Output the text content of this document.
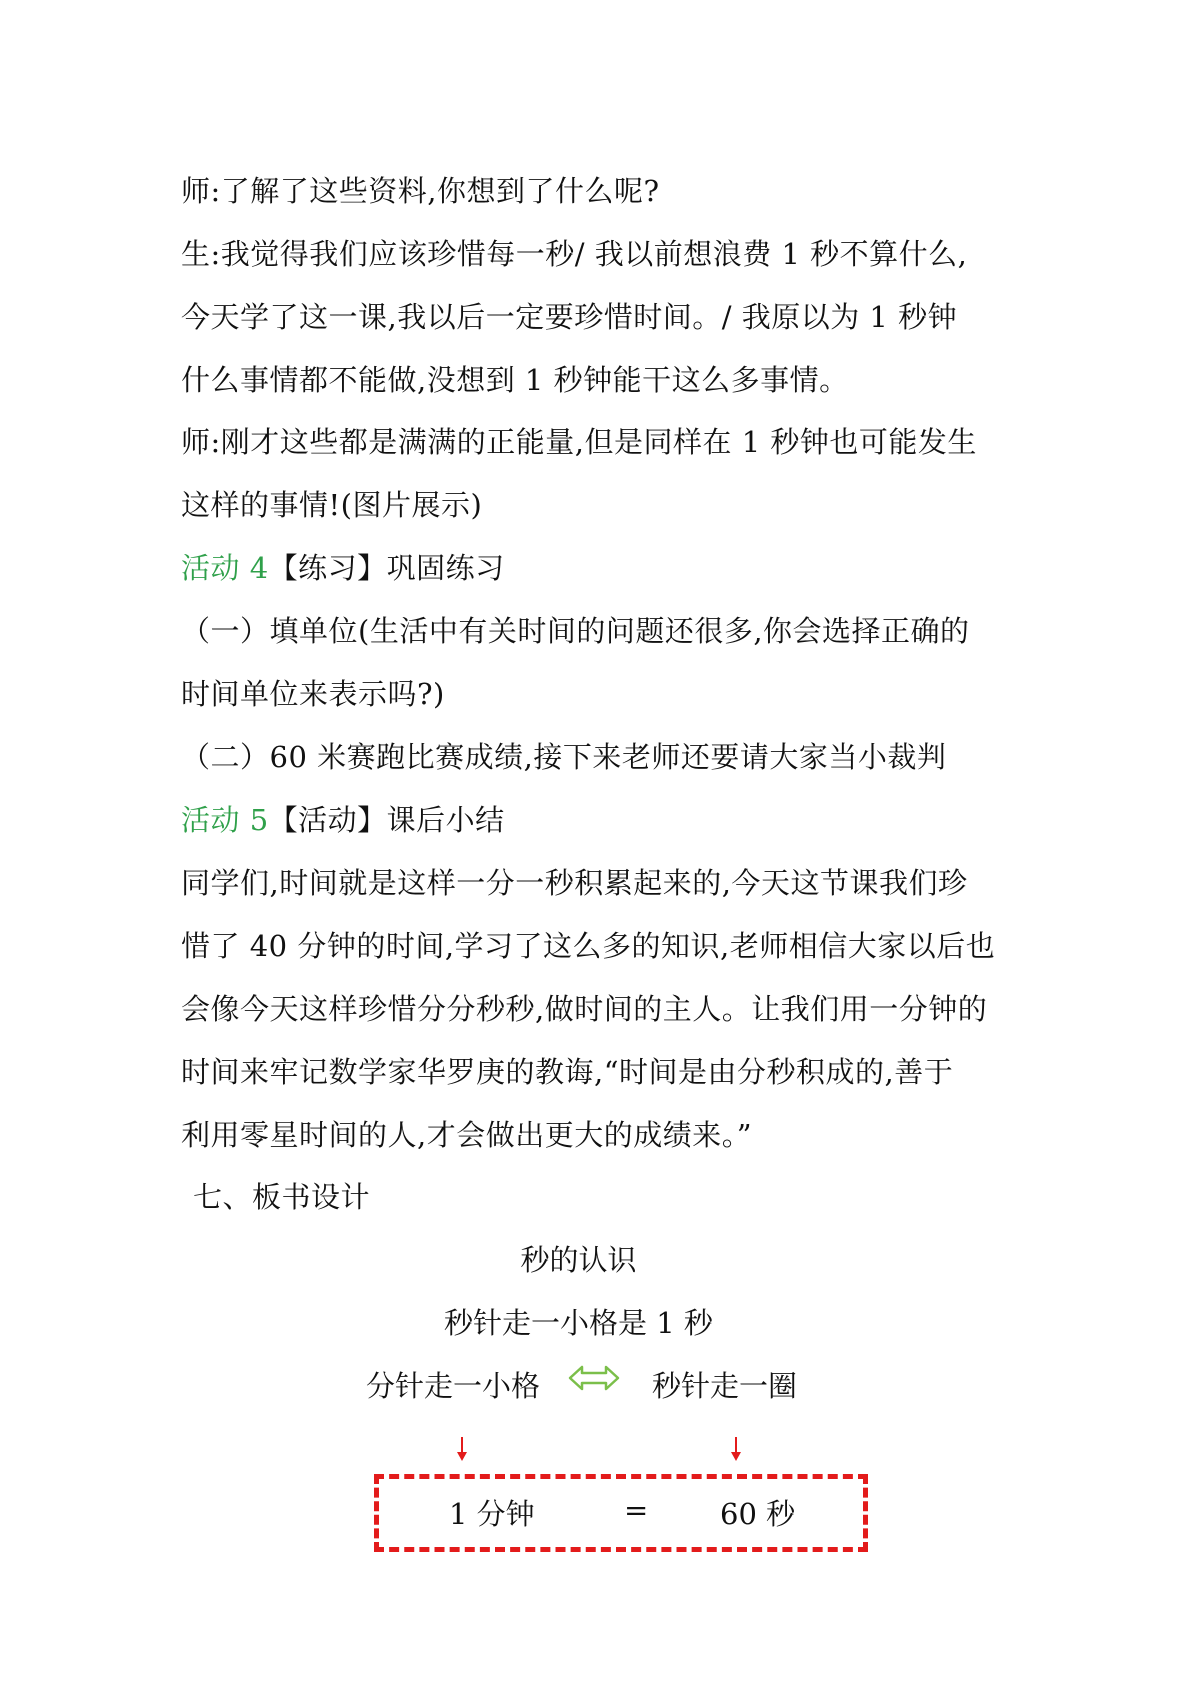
师:了解了这些资料,你想到了什么呢?
生:我觉得我们应该珍惜每一秒/ 我以前想浪费 1 秒不算什么,
今天学了这一课,我以后一定要珍惜时间。/ 我原以为 1 秒钟
什么事情都不能做,没想到 1 秒钟能干这么多事情。
师:刚才这些都是满满的正能量,但是同样在 1 秒钟也可能发生
这样的事情!(图片展示)
活动 4【练习】巩固练习
（一）填单位(生活中有关时间的问题还很多,你会选择正确的
时间单位来表示吗?)
（二）60 米赛跑比赛成绩,接下来老师还要请大家当小裁判
活动 5【活动】课后小结
同学们,时间就是这样一分一秒积累起来的,今天这节课我们珍
惜了 40 分钟的时间,学习了这么多的知识,老师相信大家以后也
会像今天这样珍惜分分秒秒,做时间的主人。让我们用一分钟的
时间来牢记数学家华罗庚的教诲,“时间是由分秒积成的,善于
利用零星时间的人,才会做出更大的成绩来。”
七、板书设计
秒的认识
秒针走一小格是 1 秒
分针走一小格	秒针走一圈
1 分钟	= 60 秒
